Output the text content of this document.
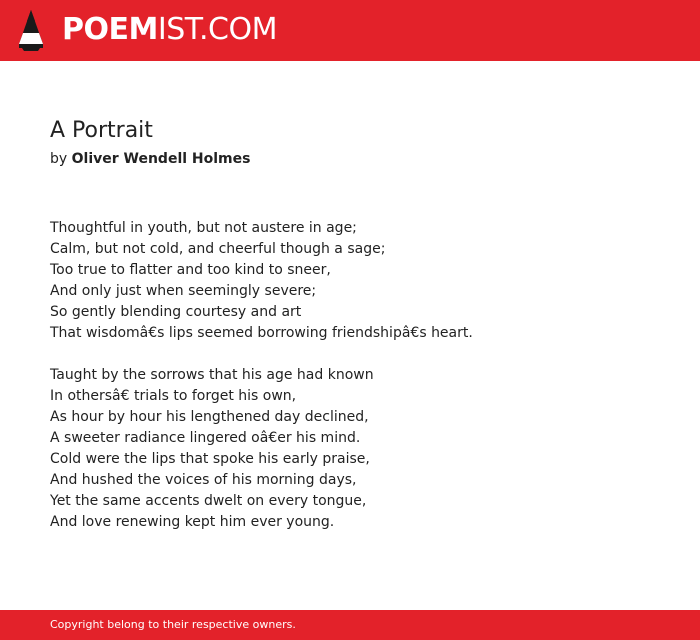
POEMIST.COM
A Portrait
by Oliver Wendell Holmes
Thoughtful in youth, but not austere in age;
Calm, but not cold, and cheerful though a sage;
Too true to flatter and too kind to sneer,
And only just when seemingly severe;
So gently blending courtesy and art
That wisdomâ€s lips seemed borrowing friendshipâ€s heart.
Taught by the sorrows that his age had known
In othersâ€ trials to forget his own,
As hour by hour his lengthened day declined,
A sweeter radiance lingered oâ€er his mind.
Cold were the lips that spoke his early praise,
And hushed the voices of his morning days,
Yet the same accents dwelt on every tongue,
And love renewing kept him ever young.
Copyright belong to their respective owners.
